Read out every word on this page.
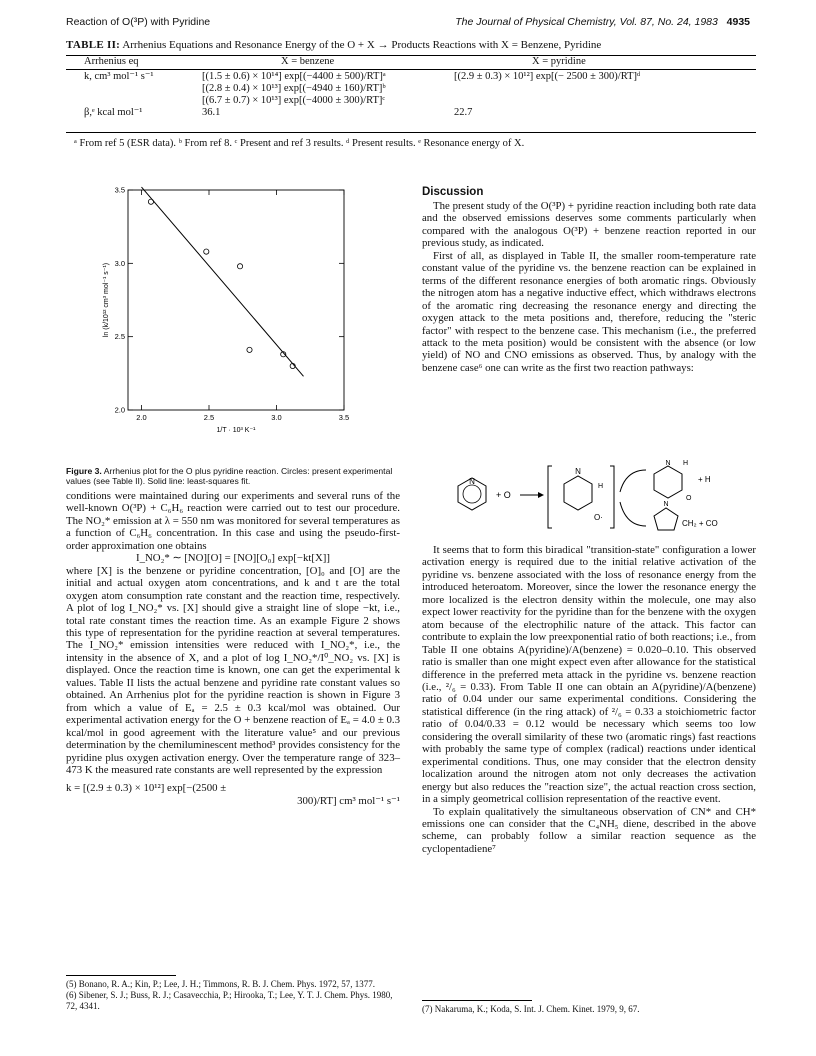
Reaction of O(³P) with Pyridine	The Journal of Physical Chemistry, Vol. 87, No. 24, 1983 4935
TABLE II: Arrhenius Equations and Resonance Energy of the O + X → Products Reactions with X = Benzene, Pyridine
Arrhenius eq	X = benzene	X = pyridine
k, cm³ mol⁻¹ s⁻¹	[(1.5 ± 0.6) × 10¹⁴] exp[(−4400 ± 500)/RT]ᵃ	[(2.9 ± 0.3) × 10¹²] exp[(− 2500 ± 300)/RT]ᵈ
[(2.8 ± 0.4) × 10¹³] exp[(−4940 ± 160)/RT]ᵇ
[(6.7 ± 0.7) × 10¹³] exp[(−4000 ± 300)/RT]ᶜ
β,ᵉ kcal mol⁻¹	36.1	22.7
ᵃ From ref 5 (ESR data). ᵇ From ref 8. ᶜ Present and ref 3 results. ᵈ Present results. ᵉ Resonance energy of X.
2.0	2.5	3.0	3.5
2.0
2.5
3.0
3.5
ln (k/10¹² cm³ mol⁻¹ s⁻¹)
1/T · 10³ K⁻¹
Figure 3. Arrhenius plot for the O plus pyridine reaction. Circles: present experimental values (see Table II). Solid line: least-squares fit.

conditions were maintained during our experiments and several runs of the well-known O(³P) + C₆H₆ reaction were carried out to test our procedure. The NO₂* emission at λ = 550 nm was monitored for several temperatures as a function of C₆H₆ concentration. In this case and using the pseudo-first-order approximation one obtains

I_NO₂* ∼ [NO][O] = [NO][O₀] exp[−kt[X]]

where [X] is the benzene or pyridine concentration, [O]₀ and [O] are the initial and actual oxygen atom concentrations, and k and t are the total oxygen atom consumption rate constant and the reaction time, respectively. A plot of log I_NO₂* vs. [X] should give a straight line of slope −kt, i.e., total rate constant times the reaction time. As an example Figure 2 shows this type of representation for the pyridine reaction at several temperatures. The I_NO₂* emission intensities were reduced with I_NO₂*, i.e., the intensity in the absence of X, and a plot of log I_NO₂*/I⁰_NO₂ vs. [X] is displayed. Once the reaction time is known, one can get the experimental k values. Table II lists the actual benzene and pyridine rate constant values so obtained. An Arrhenius plot for the pyridine reaction is shown in Figure 3 from which a value of Eₐ = 2.5 ± 0.3 kcal/mol was obtained. Our experimental activation energy for the O + benzene reaction of Eₐ = 4.0 ± 0.3 kcal/mol in good agreement with the literature value⁵ and our previous determination by the chemiluminescent method³ provides consistency for the pyridine plus oxygen activation energy. Over the temperature range of 323–473 K the measured rate constants are well represented by the expression

k = [(2.9 ± 0.3) × 10¹²] exp[−(2500 ±

300)/RT] cm³ mol⁻¹ s⁻¹

(5) Bonano, R. A.; Kin, P.; Lee, J. H.; Timmons, R. B. J. Chem. Phys. 1972, 57, 1377.
(6) Sibener, S. J.; Buss, R. J.; Casavecchia, P.; Hirooka, T.; Lee, Y. T. J. Chem. Phys. 1980, 72, 4341.
Discussion

The present study of the O(³P) + pyridine reaction including both rate data and the observed emissions deserves some comments particularly when compared with the analogous O(³P) + benzene reaction reported in our previous study, as indicated.

First of all, as displayed in Table II, the smaller room-temperature rate constant value of the pyridine vs. the benzene reaction can be explained in terms of the different resonance energies of both aromatic rings. Obviously the nitrogen atom has a negative inductive effect, which withdraws electrons of the aromatic ring decreasing the resonance energy and directing the oxygen attack to the meta positions and, therefore, reducing the "steric factor" with respect to the benzene case. This mechanism (i.e., the preferred attack to the meta position) would be consistent with the absence (or low yield) of NO and CNO emissions as observed. Thus, by analogy with the benzene case⁶ one can write as the first two reaction pathways:

N
+ O
N
H
O·
N H
O
+ H
N
CH₂ + CO

It seems that to form this biradical "transition-state" configuration a lower activation energy is required due to the initial relative activation of the pyridine vs. benzene associated with the loss of resonance energy from the introduced heteroatom. Moreover, since the lower the resonance energy the more localized is the electron density within the molecule, one may also expect lower reactivity for the pyridine than for the benzene with the oxygen atom because of the electrophilic nature of the attack. This factor can contribute to explain the low preexponential ratio of both reactions; i.e., from Table II one obtains A(pyridine)/A(benzene) = 0.020–0.10. This observed ratio is smaller than one might expect even after allowance for the statistical difference in the preferred meta attack in the pyridine vs. benzene reaction (i.e., ²/₆ = 0.33). From Table II one can obtain an A(pyridine)/A(benzene) ratio of 0.04 under our same experimental conditions. Considering the statistical difference (in the ring attack) of ²/₆ = 0.33 a stoichiometric factor ratio of 0.04/0.33 = 0.12 would be necessary which seems too low considering the overall similarity of these two (aromatic rings) fast reactions with probably the same type of complex (radical) reactions under identical experimental conditions. Thus, one may consider that the electron density localization around the nitrogen atom not only decreases the activation energy but also reduces the "reaction size", the actual reaction cross section, in a simply geometrical collision representation of the reactive event.

To explain qualitatively the simultaneous observation of CN* and CH* emissions one can consider that the C₄NH₅ diene, described in the above scheme, can probably follow a similar reaction sequence as the cyclopentadiene⁷

(7) Nakaruma, K.; Koda, S. Int. J. Chem. Kinet. 1979, 9, 67.
